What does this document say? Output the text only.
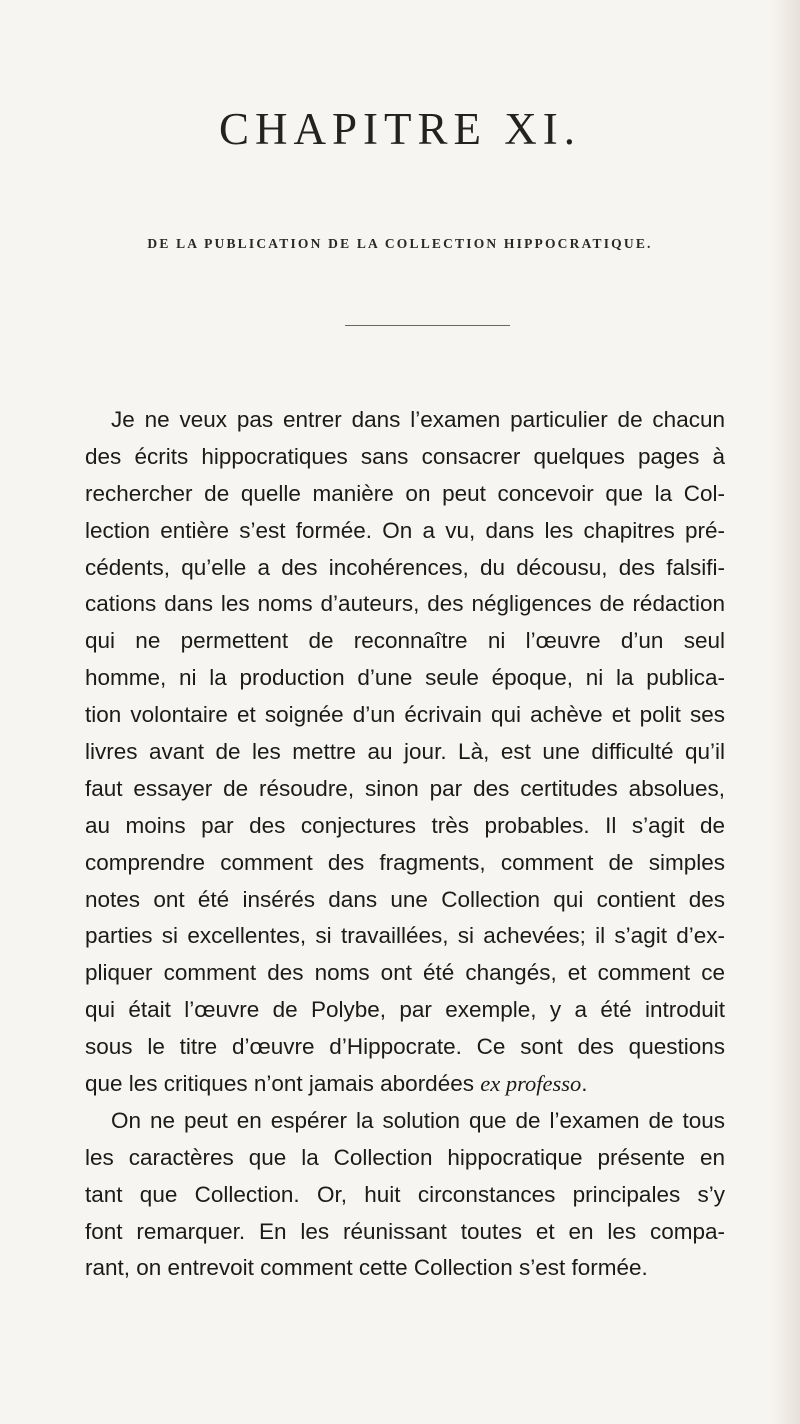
CHAPITRE XI.
DE LA PUBLICATION DE LA COLLECTION HIPPOCRATIQUE.
Je ne veux pas entrer dans l’examen particulier de chacun
des écrits hippocratiques sans consacrer quelques pages à
rechercher de quelle manière on peut concevoir que la Col-
lection entière s’est formée. On a vu, dans les chapitres pré-
cédents, qu’elle a des incohérences, du décousu, des falsifi-
cations dans les noms d’auteurs, des négligences de rédaction
qui ne permettent de reconnaître ni l’œuvre d’un seul
homme, ni la production d’une seule époque, ni la publica-
tion volontaire et soignée d’un écrivain qui achève et polit ses
livres avant de les mettre au jour. Là, est une difficulté qu’il
faut essayer de résoudre, sinon par des certitudes absolues,
au moins par des conjectures très probables. Il s’agit de
comprendre comment des fragments, comment de simples
notes ont été insérés dans une Collection qui contient des
parties si excellentes, si travaillées, si achevées; il s’agit d’ex-
pliquer comment des noms ont été changés, et comment ce
qui était l’œuvre de Polybe, par exemple, y a été introduit
sous le titre d’œuvre d’Hippocrate. Ce sont des questions
que les critiques n’ont jamais abordées ex professo.
On ne peut en espérer la solution que de l’examen de tous
les caractères que la Collection hippocratique présente en
tant que Collection. Or, huit circonstances principales s’y
font remarquer. En les réunissant toutes et en les compa-
rant, on entrevoit comment cette Collection s’est formée.
